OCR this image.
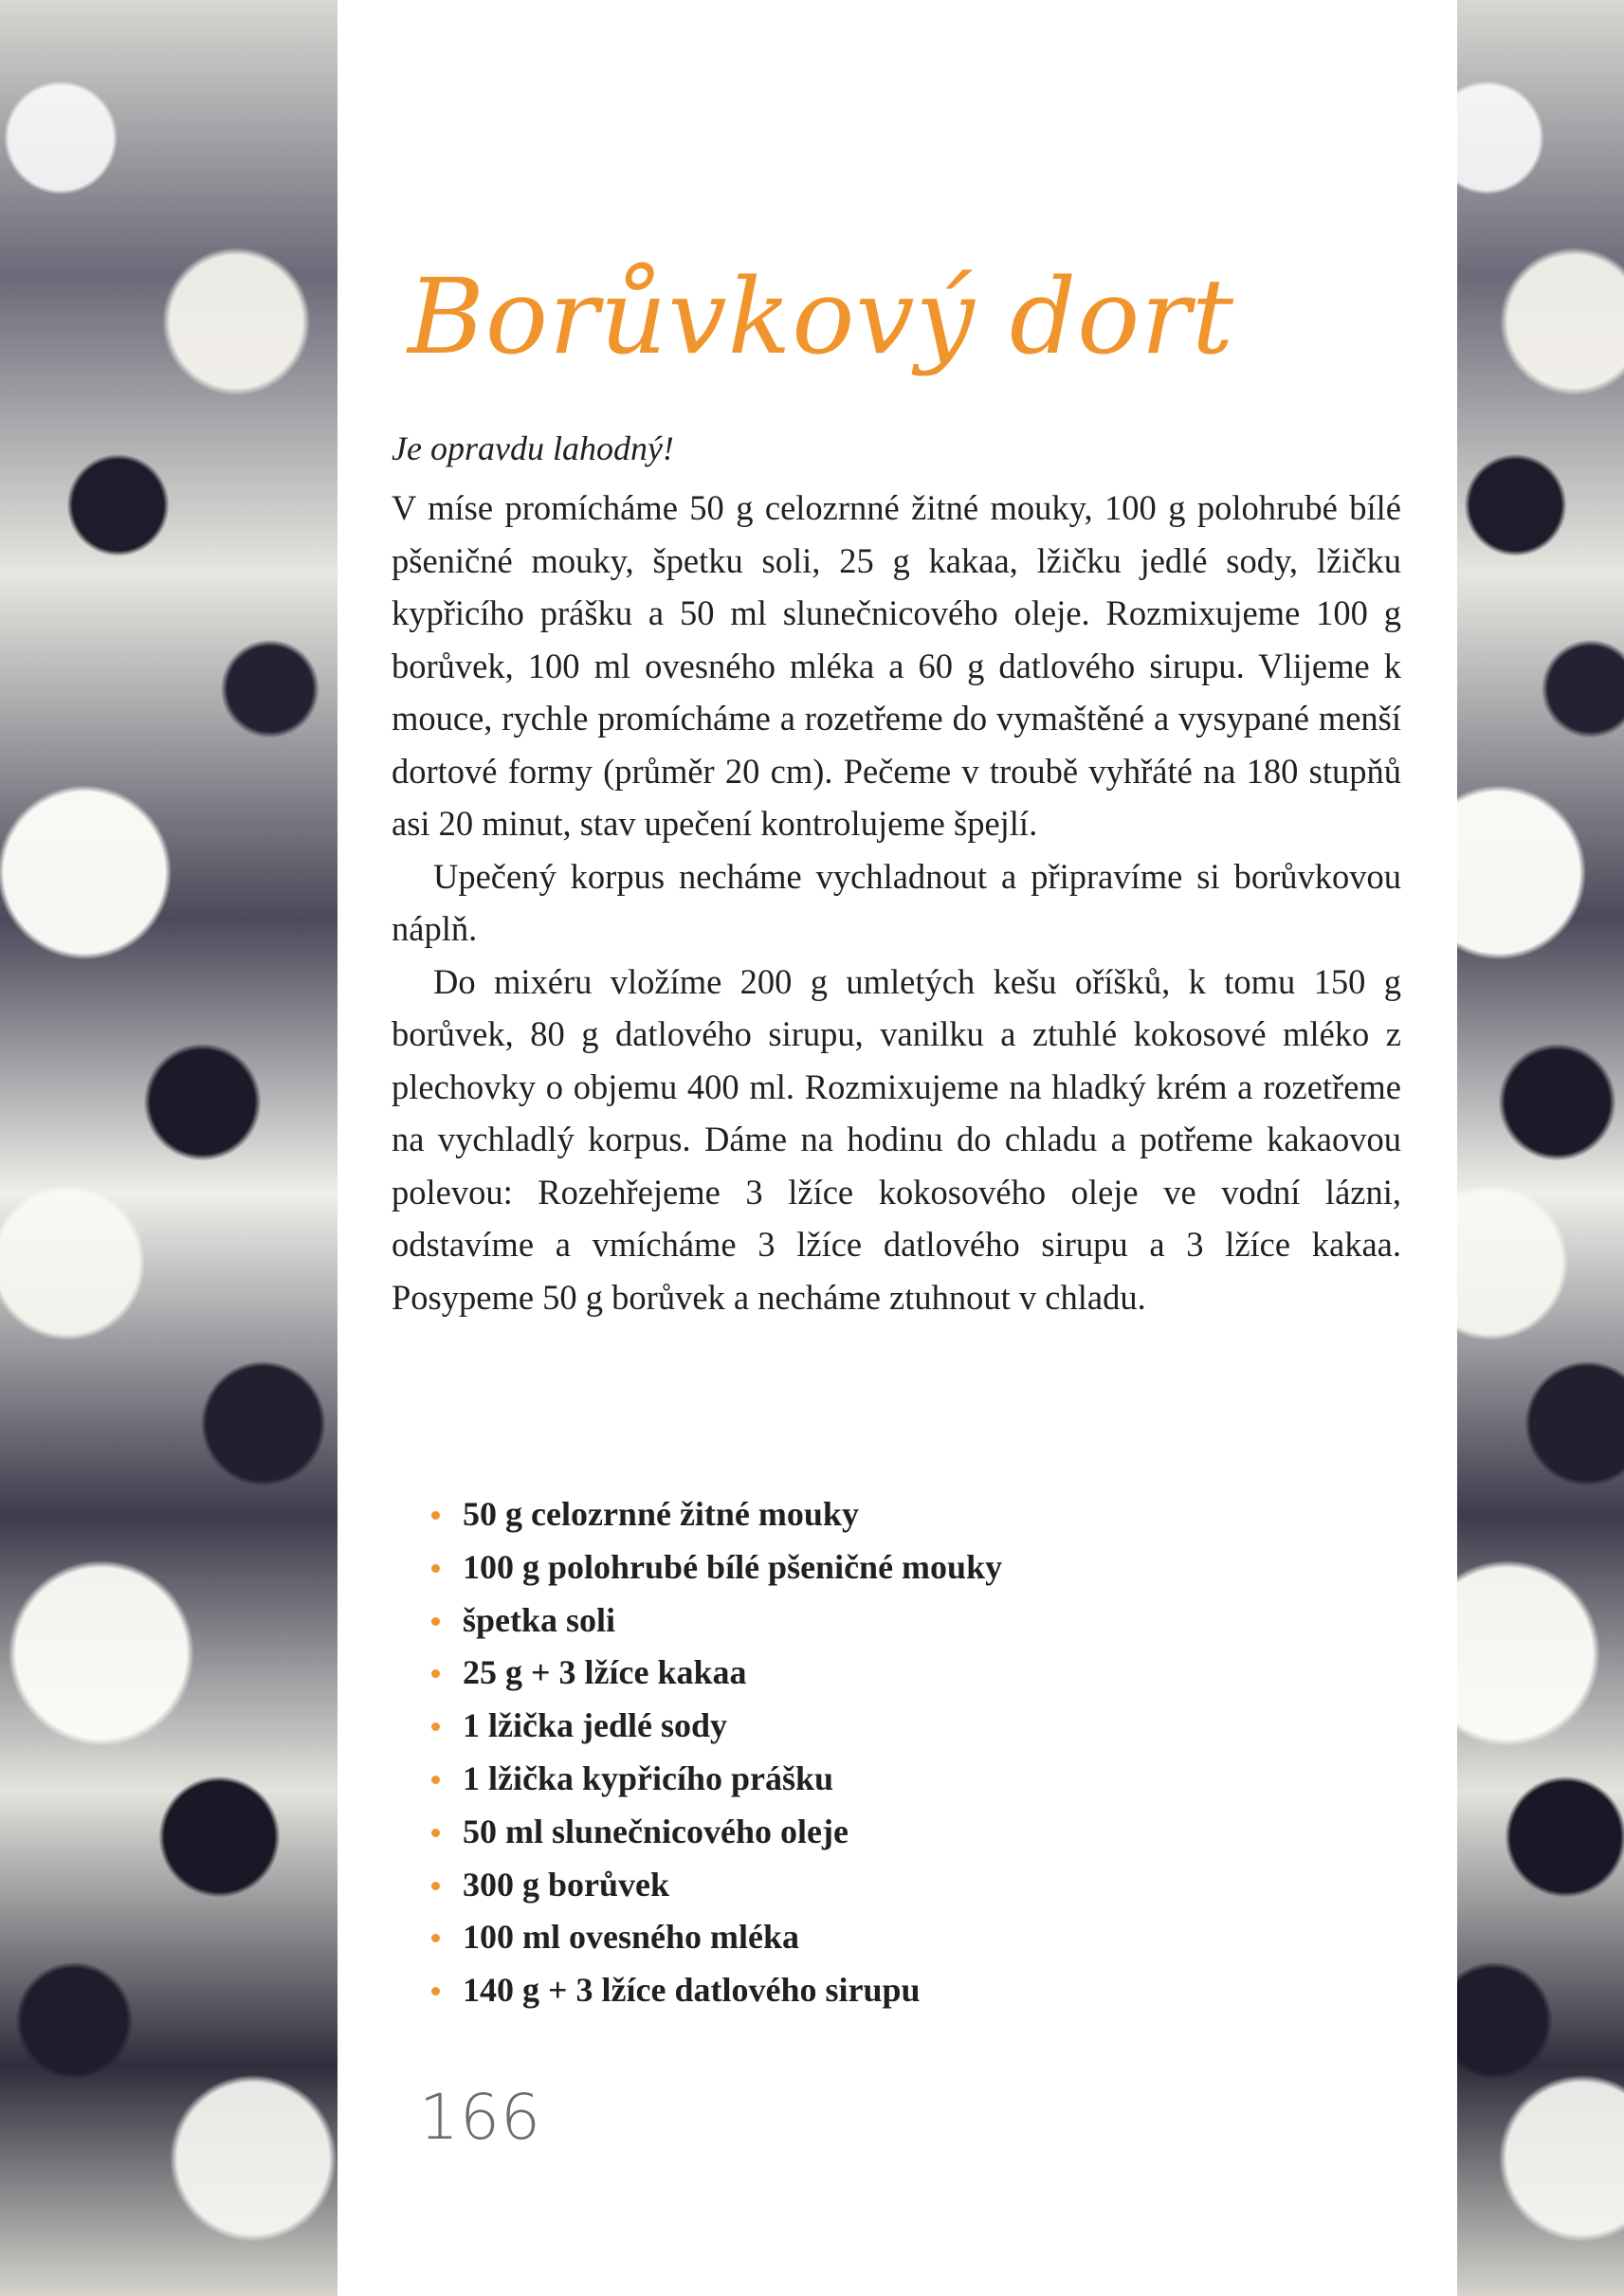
Borůvkový dort
Je opravdu lahodný!

V míse promícháme 50 g celozrnné žitné mouky, 100 g polohrubé bílé pšeničné mouky, špetku soli, 25 g kakaa, lžičku jedlé sody, lžičku kypřicího prášku a 50 ml slunečnicového oleje. Rozmixujeme 100 g borůvek, 100 ml ovesného mléka a 60 g datlového sirupu. Vlijeme k mouce, rychle promícháme a rozetřeme do vymaštěné a vysypané menší dortové formy (průměr 20 cm). Pečeme v troubě vyhřáté na 180 stupňů asi 20 minut, stav upečení kontrolujeme špejlí.

Upečený korpus necháme vychladnout a připravíme si borůvkovou náplň.

Do mixéru vložíme 200 g umletých kešu oříšků, k tomu 150 g borůvek, 80 g datlového sirupu, vanilku a ztuhlé kokosové mléko z plechovky o objemu 400 ml. Rozmixujeme na hladký krém a rozetřeme na vychladlý korpus. Dáme na hodinu do chladu a potřeme kakaovou polevou: Rozehřejeme 3 lžíce kokosového oleje ve vodní lázni, odstavíme a vmícháme 3 lžíce datlového sirupu a 3 lžíce kakaa. Posypeme 50 g borůvek a necháme ztuhnout v chladu.

50 g celozrnné žitné mouky
100 g polohrubé bílé pšeničné mouky
špetka soli
25 g + 3 lžíce kakaa
1 lžička jedlé sody
1 lžička kypřicího prášku
50 ml slunečnicového oleje
300 g borůvek
100 ml ovesného mléka
140 g + 3 lžíce datlového sirupu
166
